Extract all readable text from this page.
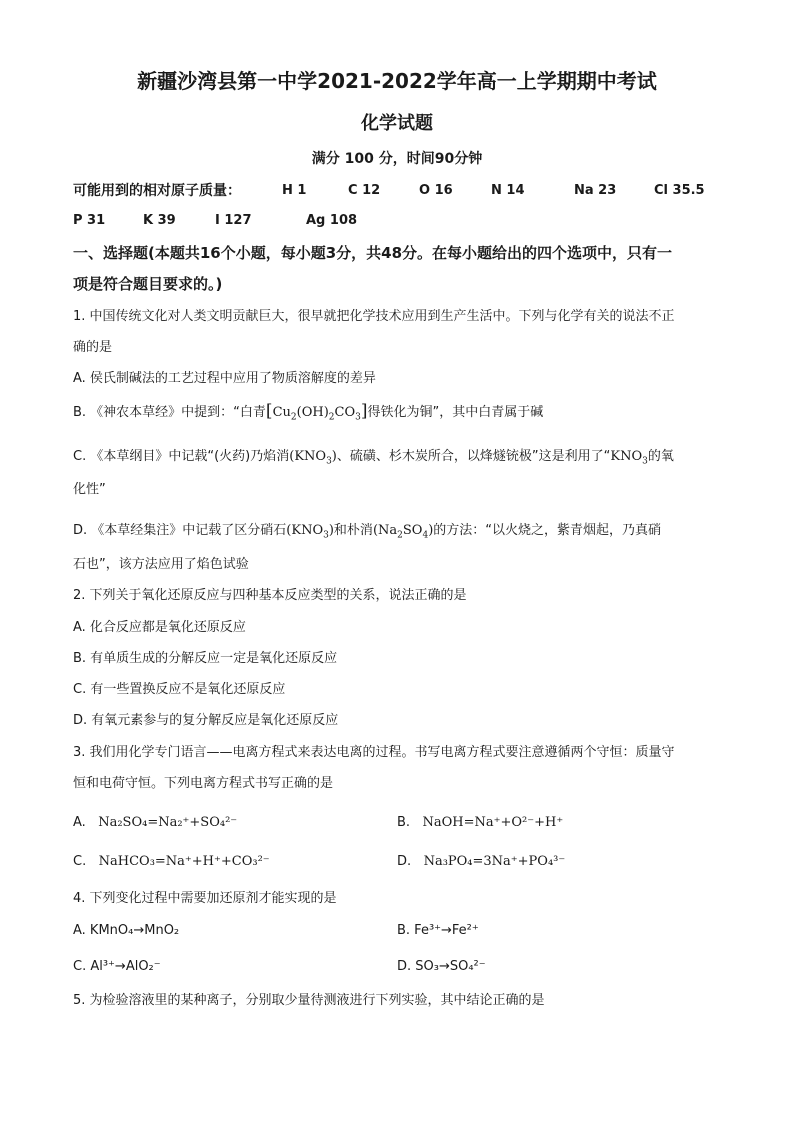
新疆沙湾县第一中学2021-2022学年高一上学期期中考试
化学试题
满分 100 分，时间90分钟
可能用到的相对原子质量：	H 1	C 12	O 16	N 14	Na 23	Cl 35.5
P 31	K 39	I 127	Ag 108
一、选择题(本题共16个小题，每小题3分，共48分。在每小题给出的四个选项中，只有一
项是符合题目要求的。)
1. 中国传统文化对人类文明贡献巨大，很早就把化学技术应用到生产生活中。下列与化学有关的说法不正
确的是
A. 侯氏制碱法的工艺过程中应用了物质溶解度的差异
B. 《神农本草经》中提到：“白青$[Cu_2(OH)_2CO_3]$得铁化为铜”，其中白青属于碱
C. 《本草纲目》中记载“(火药)乃焰消$(KNO_3)$、硫磺、杉木炭所合，以烽燧铳极”这是利用了“$KNO_3$的氧
化性”
D. 《本草经集注》中记载了区分硝石$(KNO_3)$和朴消$(Na_2SO_4)$的方法：“以火烧之，紫青烟起，乃真硝
石也”，该方法应用了焰色试验
2. 下列关于氧化还原反应与四种基本反应类型的关系，说法正确的是
A. 化合反应都是氧化还原反应
B. 有单质生成的分解反应一定是氧化还原反应
C. 有一些置换反应不是氧化还原反应
D. 有氧元素参与的复分解反应是氧化还原反应
3. 我们用化学专门语言——电离方程式来表达电离的过程。书写电离方程式要注意遵循两个守恒：质量守
恒和电荷守恒。下列电离方程式书写正确的是
A. Na₂SO₄=Na₂⁺+SO₄²⁻	B. NaOH=Na⁺+O²⁻+H⁺
C. NaHCO₃=Na⁺+H⁺+CO₃²⁻	D. Na₃PO₄=3Na⁺+PO₄³⁻
4. 下列变化过程中需要加还原剂才能实现的是
A. KMnO₄→MnO₂	B. Fe³⁺→Fe²⁺
C. Al³⁺→AlO₂⁻	D. SO₃→SO₄²⁻
5. 为检验溶液里的某种离子，分别取少量待测液进行下列实验，其中结论正确的是
